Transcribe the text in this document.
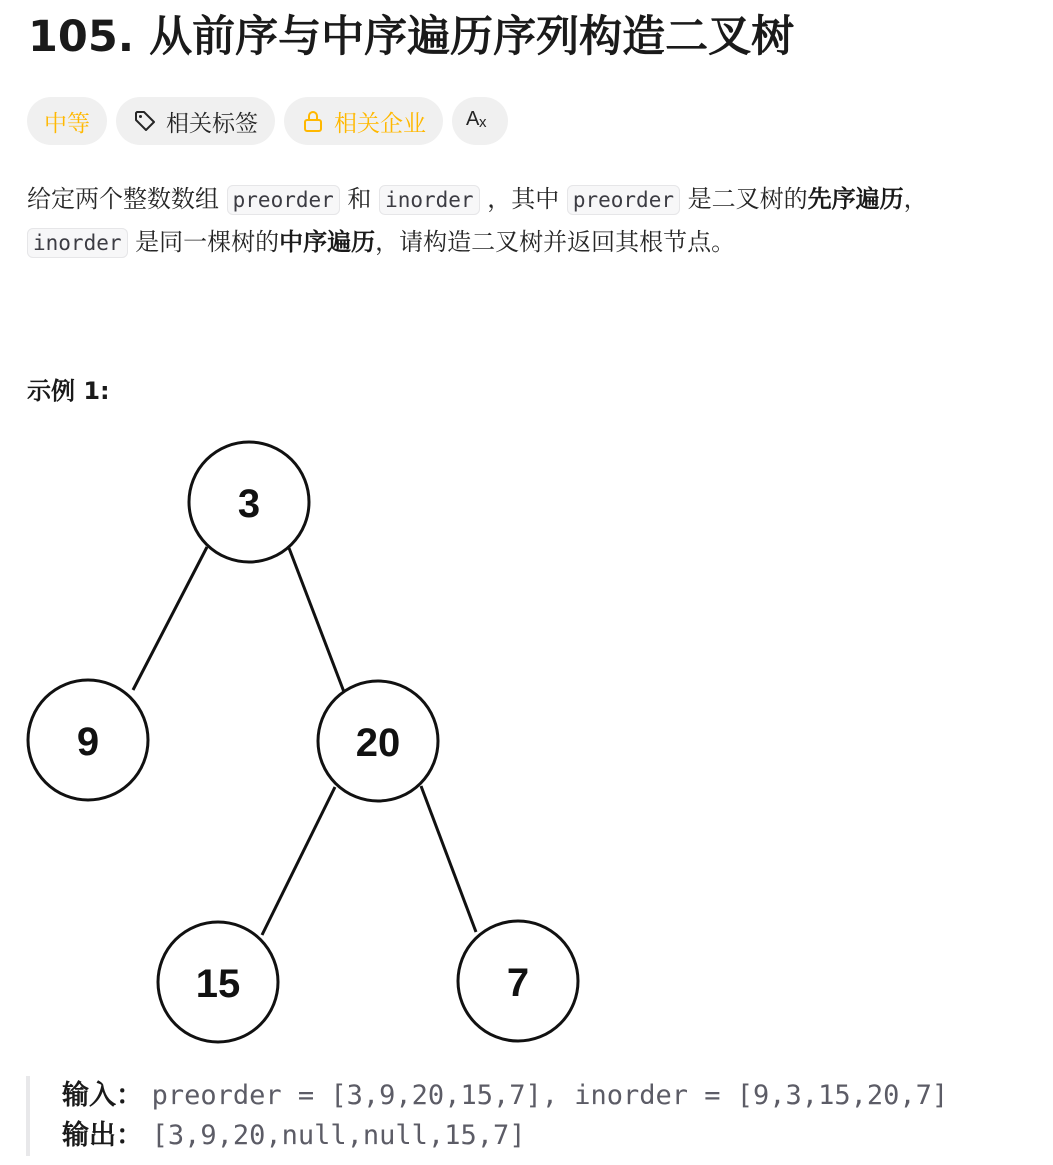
105. 从前序与中序遍历序列构造二叉树
中等	相关标签	相关企业 A x

给定两个整数数组 preorder 和 inorder ，其中 preorder 是二叉树的先序遍历，

inorder 是同一棵树的中序遍历，请构造二叉树并返回其根节点。

示例 1:

3
9	20
15	7
输入： preorder = [3,9,20,15,7], inorder = [9,3,15,20,7]
输出： [3,9,20,null,null,15,7]
